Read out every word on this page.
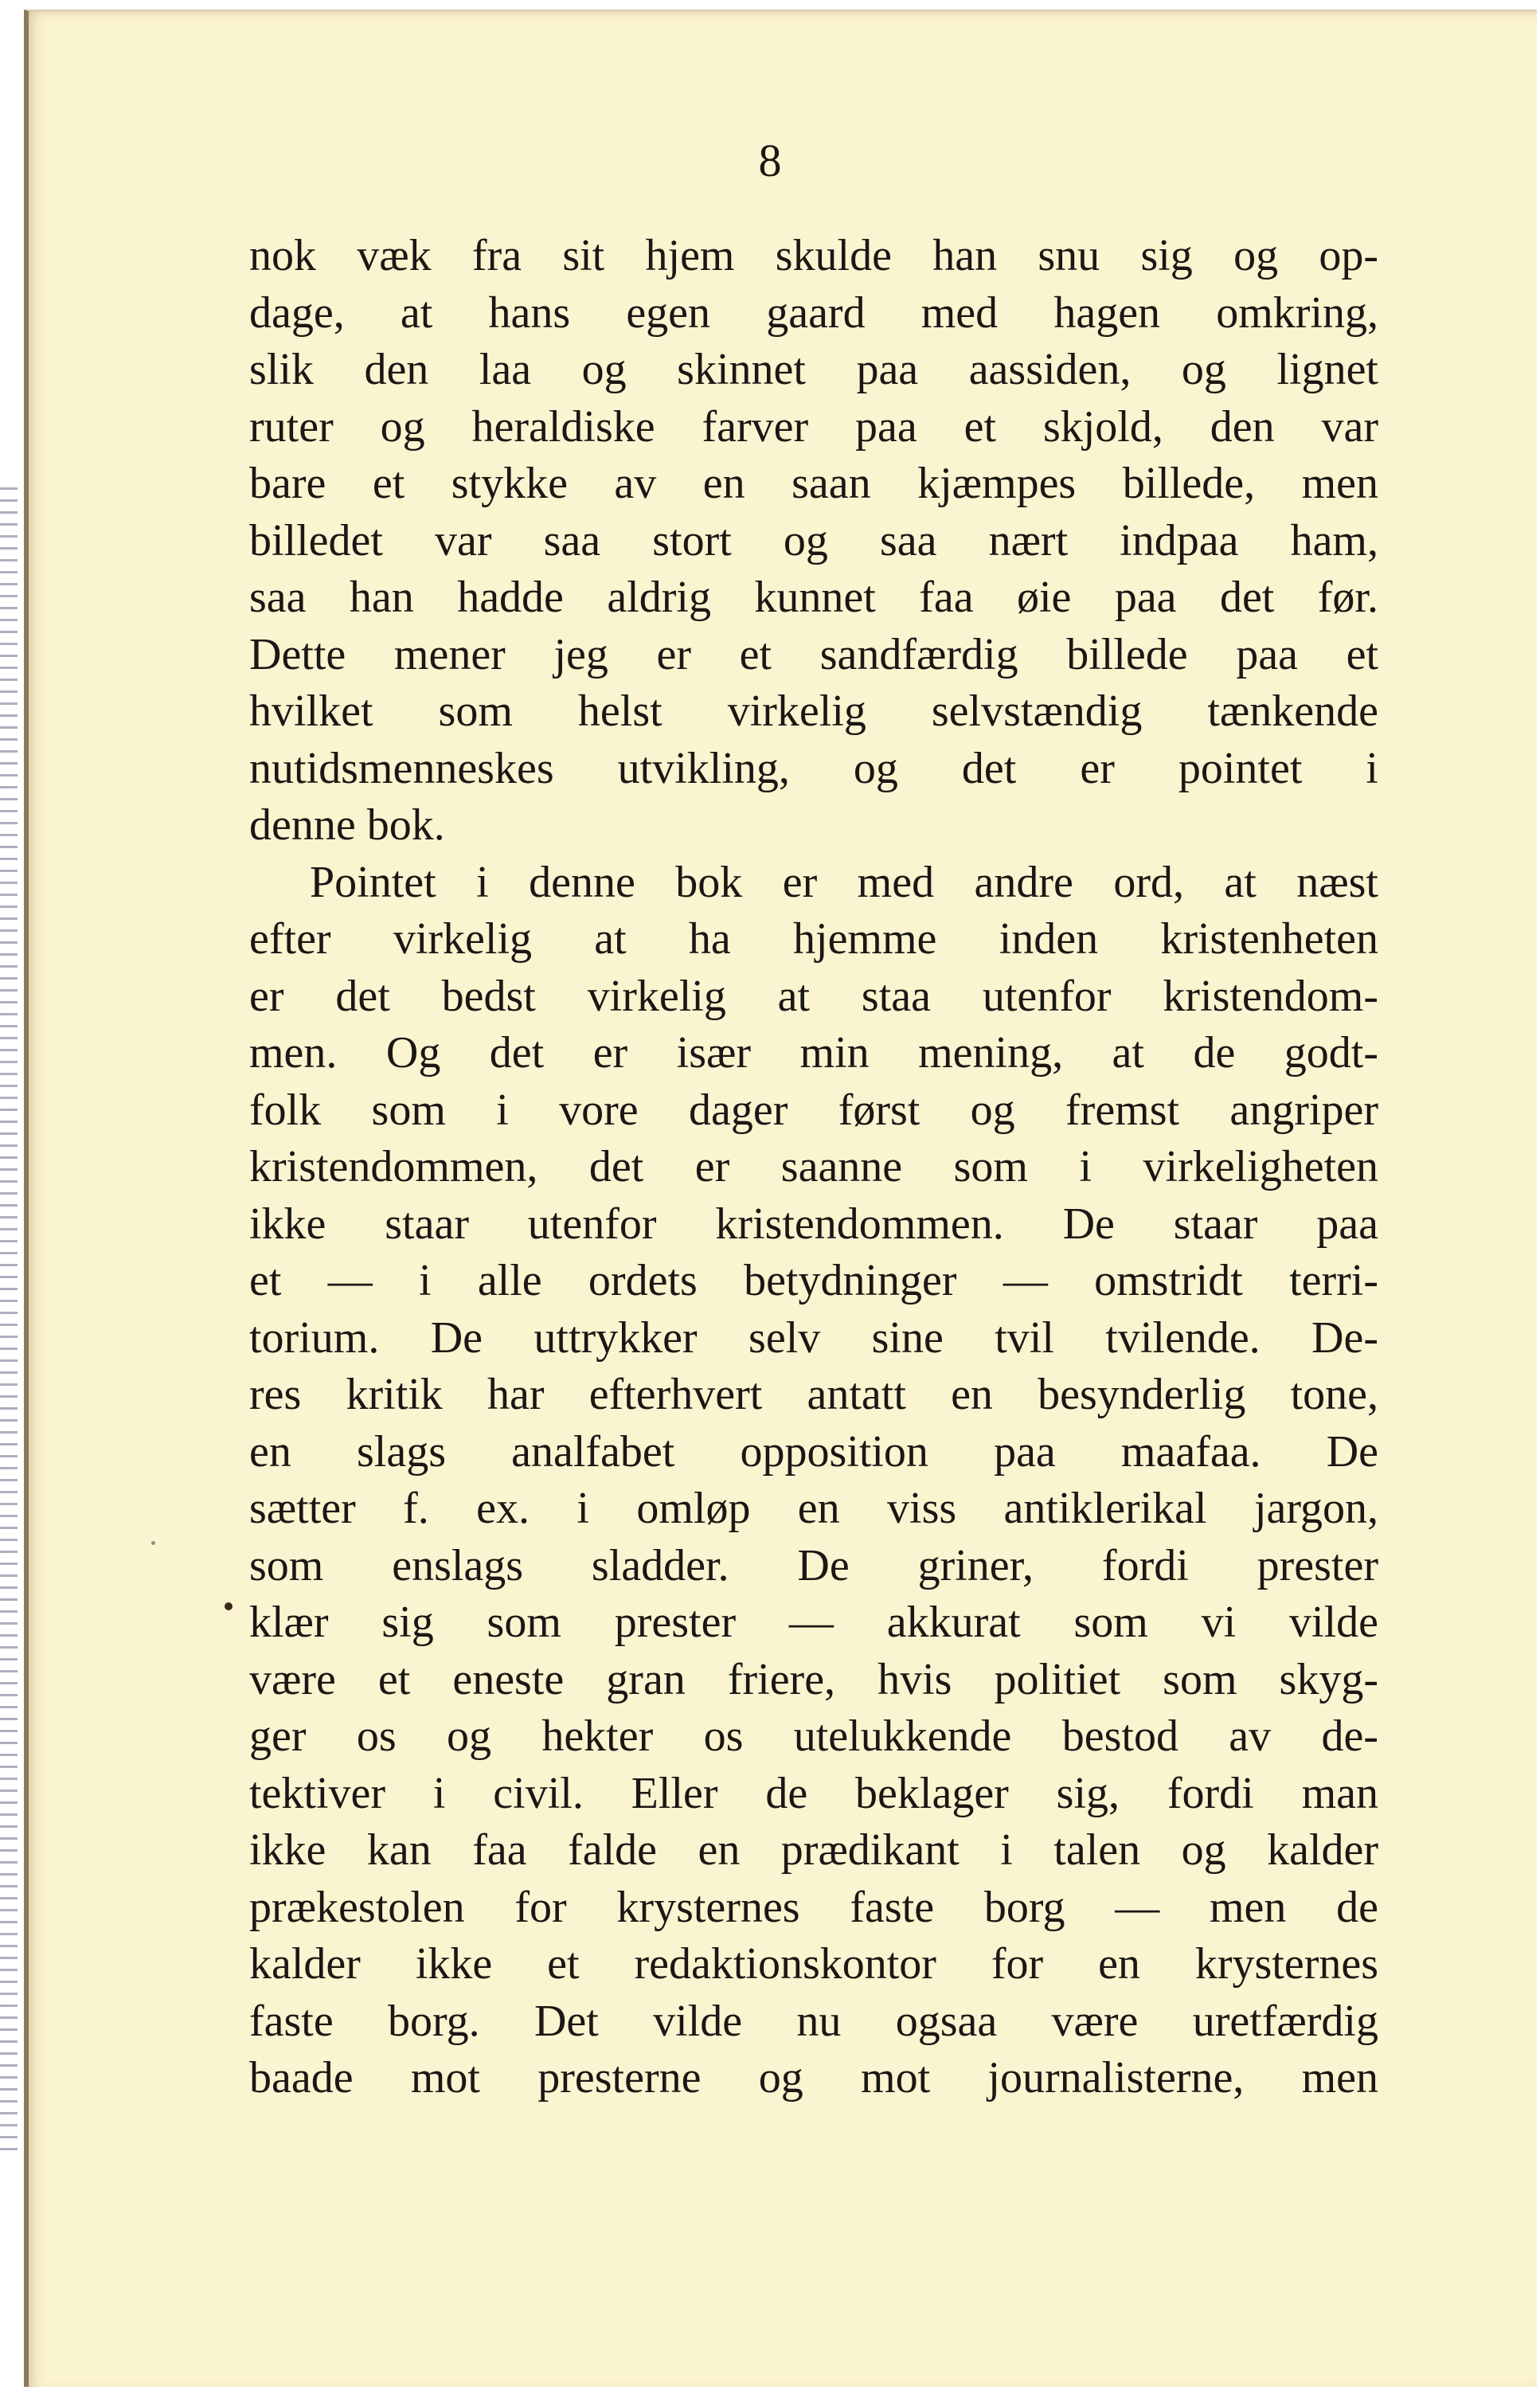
8
nok væk fra sit hjem skulde han snu sig og op-
dage, at hans egen gaard med hagen omkring,
slik den laa og skinnet paa aassiden, og lignet
ruter og heraldiske farver paa et skjold, den var
bare et stykke av en saan kjæmpes billede, men
billedet var saa stort og saa nært indpaa ham,
saa han hadde aldrig kunnet faa øie paa det før.
Dette mener jeg er et sandfærdig billede paa et
hvilket som helst virkelig selvstændig tænkende
nutidsmenneskes utvikling, og det er pointet i
denne bok.
Pointet i denne bok er med andre ord, at næst
efter virkelig at ha hjemme inden kristenheten
er det bedst virkelig at staa utenfor kristendom-
men. Og det er især min mening, at de godt-
folk som i vore dager først og fremst angriper
kristendommen, det er saanne som i virkeligheten
ikke staar utenfor kristendommen. De staar paa
et — i alle ordets betydninger — omstridt terri-
torium. De uttrykker selv sine tvil tvilende. De-
res kritik har efterhvert antatt en besynderlig tone,
en slags analfabet opposition paa maafaa. De
sætter f. ex. i omløp en viss antiklerikal jargon,
som enslags sladder. De griner, fordi prester
klær sig som prester — akkurat som vi vilde
være et eneste gran friere, hvis politiet som skyg-
ger os og hekter os utelukkende bestod av de-
tektiver i civil. Eller de beklager sig, fordi man
ikke kan faa falde en prædikant i talen og kalder
prækestolen for krysternes faste borg — men de
kalder ikke et redaktionskontor for en krysternes
faste borg. Det vilde nu ogsaa være uretfærdig
baade mot presterne og mot journalisterne, men
